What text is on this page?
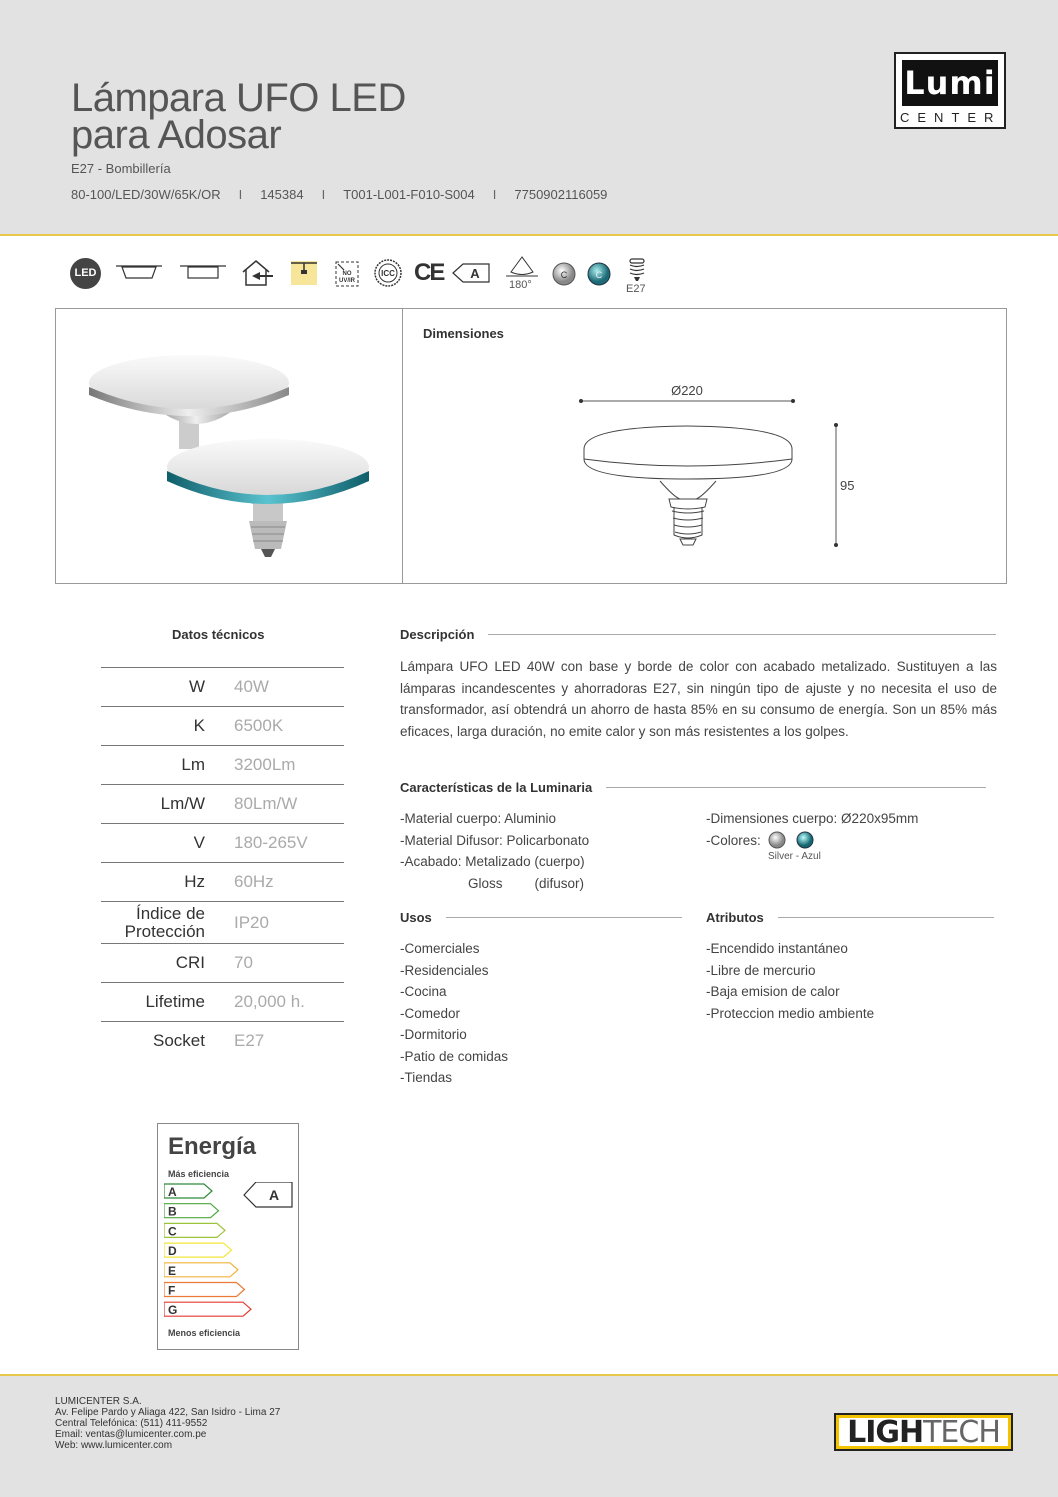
Lámpara UFO LED
para Adosar
E27 - Bombillería
80-100/LED/30W/65K/OR I 145384 I T001-L001-F010-S004 I 7750902116059
Lumi
CENTER
LED	NO
UV/IR
ICC CE A
180°
C	C
E27
Dimensiones
Ø220
95
Datos técnicos
W 40W
K 6500K
Lm 3200Lm
Lm/W 80Lm/W
V 180-265V
Hz 60Hz
Índice de
Protección IP20
CRI 70
Lifetime 20,000 h.
Socket E27
Descripción
Lámpara UFO LED 40W con base y borde de color con acabado metalizado. Sustituyen a las lámparas incandescentes y ahorradoras E27, sin ningún tipo de ajuste y no necesita el uso de transformador, así obtendrá un ahorro de hasta 85% en su consumo de energía. Son un 85% más eficaces, larga duración, no emite calor y son más resistentes a los golpes.
Características de la Luminaria
-Material cuerpo: Aluminio
-Material Difusor: Policarbonato
-Acabado: Metalizado (cuerpo)
Gloss (difusor)
-Dimensiones cuerpo: Ø220x95mm
-Colores:
Silver - Azul
Usos
-Comerciales
-Residenciales
-Cocina
-Comedor
-Dormitorio
-Patio de comidas
-Tiendas
Atributos
-Encendido instantáneo
-Libre de mercurio
-Baja emision de calor
-Proteccion medio ambiente
Energía
Más eficiencia
A
B
C
D
E
F
G
A
Menos eficiencia
LUMICENTER S.A.
Av. Felipe Pardo y Aliaga 422, San Isidro - Lima 27
Central Telefónica: (511) 411-9552
Email: ventas@lumicenter.com.pe
Web: www.lumicenter.com	LIGHTECH
